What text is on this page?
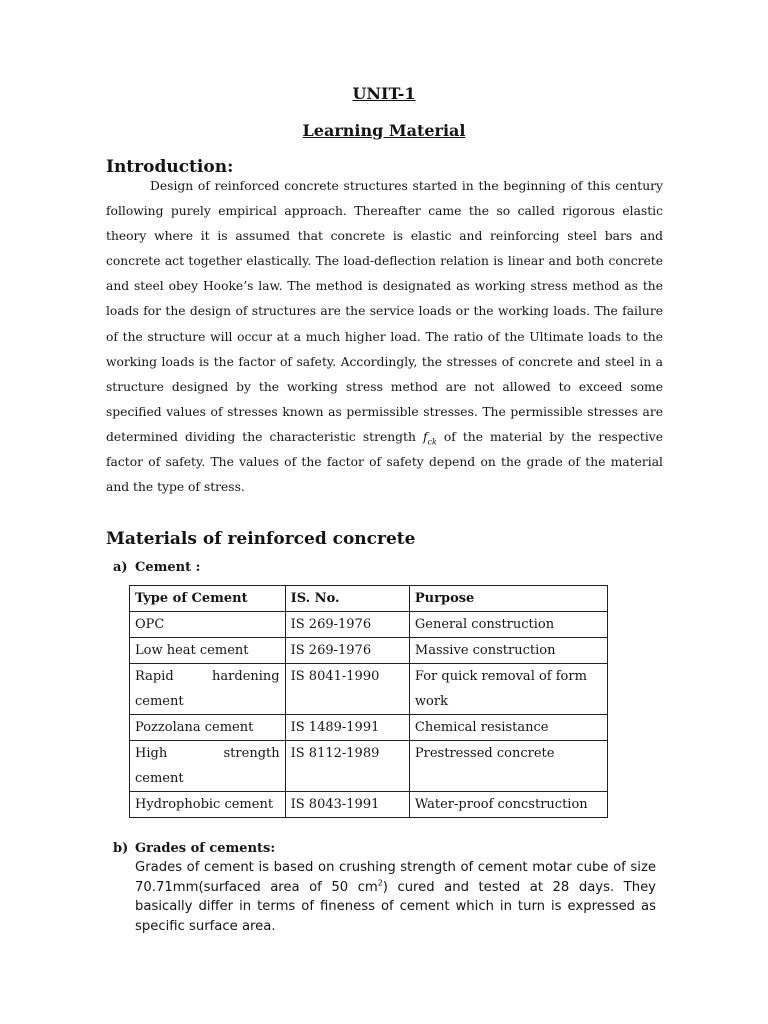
UNIT-1
Learning Material
Introduction:

Design of reinforced concrete structures started in the beginning of this century following purely empirical approach. Thereafter came the so called rigorous elastic theory where it is assumed that concrete is elastic and reinforcing steel bars and concrete act together elastically. The load-deflection relation is linear and both concrete and steel obey Hooke’s law. The method is designated as working stress method as the loads for the design of structures are the service loads or the working loads. The failure of the structure will occur at a much higher load. The ratio of the Ultimate loads to the working loads is the factor of safety. Accordingly, the stresses of concrete and steel in a structure designed by the working stress method are not allowed to exceed some specified values of stresses known as permissible stresses. The permissible stresses are determined dividing the characteristic strength $f_{ck}$ of the material by the respective factor of safety. The values of the factor of safety depend on the grade of the material and the type of stress.

Materials of reinforced concrete
a) Cement :
Type of Cement	IS. No.	Purpose
OPC	IS 269-1976	General construction
Low heat cement	IS 269-1976	Massive construction

Rapid hardening
cement	IS 8041-1990	For quick removal of form work
Pozzolana cement	IS 1489-1991	Chemical resistance

High strength
cement	IS 8112-1989	Prestressed concrete
Hydrophobic cement	IS 8043-1991	Water-proof concstruction
b) Grades of cements:

Grades of cement is based on crushing strength of cement motar cube of size 70.71mm(surfaced area of 50 $cm^2$) cured and tested at 28 days. They basically differ in terms of fineness of cement which in turn is expressed as specific surface area.
